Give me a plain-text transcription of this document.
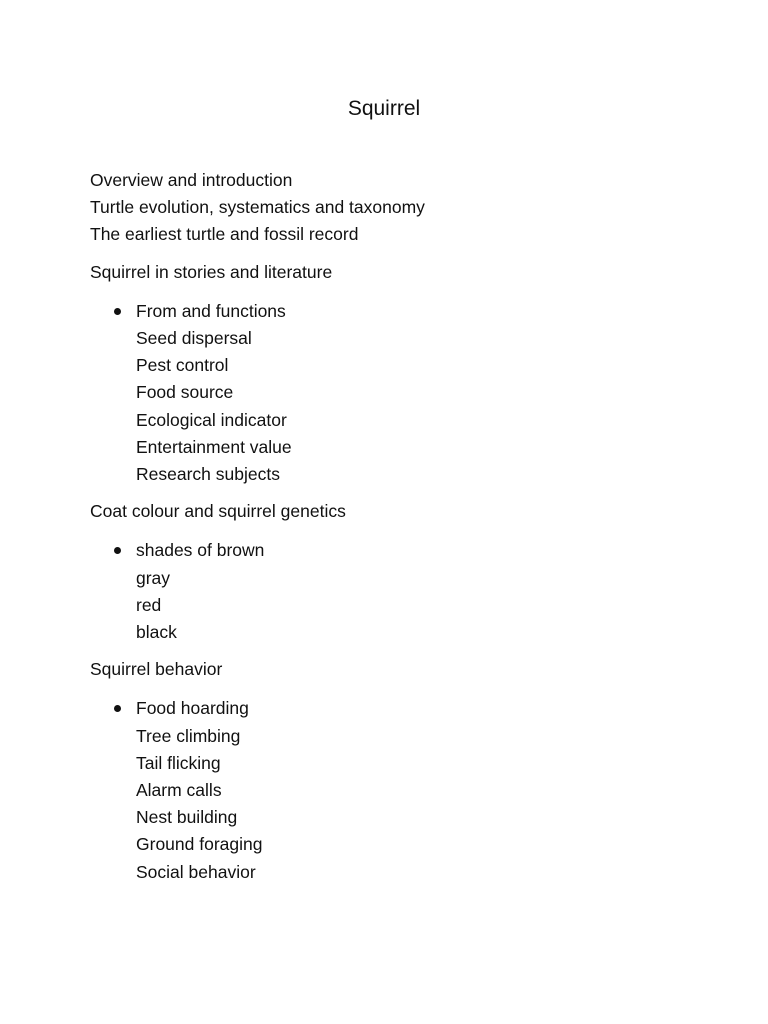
Squirrel
Overview and introduction
Turtle evolution, systematics and taxonomy
The earliest turtle and fossil record
Squirrel in stories and literature
From and functions
Seed dispersal
Pest control
Food source
Ecological indicator
Entertainment value
Research subjects
Coat colour and squirrel genetics
shades of brown
gray
red
black
Squirrel behavior
Food hoarding
Tree climbing
Tail flicking
Alarm calls
Nest building
Ground foraging
Social behavior
